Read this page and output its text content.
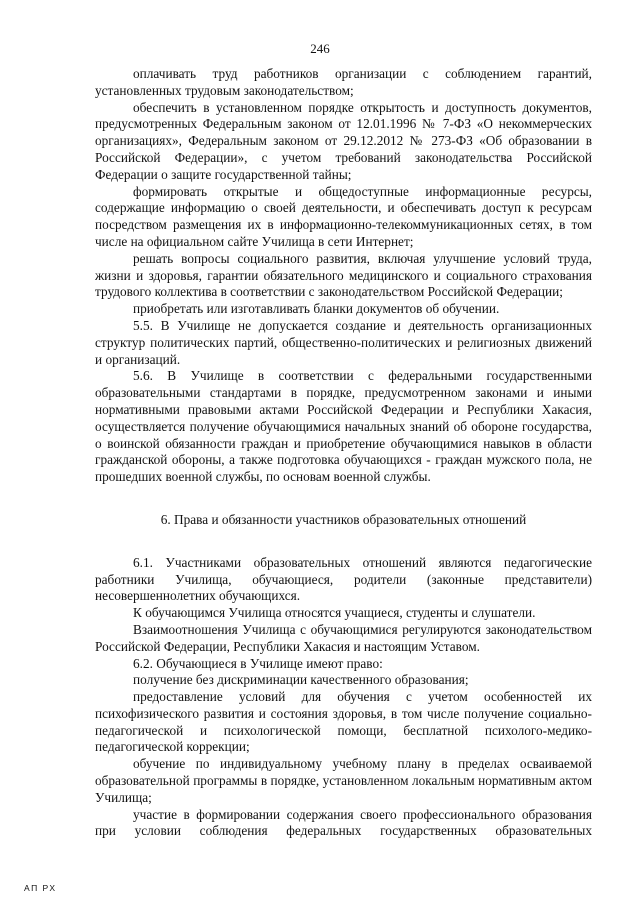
246

оплачивать труд работников организации с соблюдением гарантий, установленных трудовым законодательством;

обеспечить в установленном порядке открытость и доступность документов, предусмотренных Федеральным законом от 12.01.1996 № 7-ФЗ «О некоммерческих организациях», Федеральным законом от 29.12.2012 № 273-ФЗ «Об образовании в Российской Федерации», с учетом требований законодательства Российской Федерации о защите государственной тайны;

формировать открытые и общедоступные информационные ресурсы, содержащие информацию о своей деятельности, и обеспечивать доступ к ресурсам посредством размещения их в информационно-телекоммуникационных сетях, в том числе на официальном сайте Училища в сети Интернет;

решать вопросы социального развития, включая улучшение условий труда, жизни и здоровья, гарантии обязательного медицинского и социального страхования трудового коллектива в соответствии с законодательством Российской Федерации;

приобретать или изготавливать бланки документов об обучении.

5.5. В Училище не допускается создание и деятельность организационных структур политических партий, общественно-политических и религиозных движений и организаций.

5.6. В Училище в соответствии с федеральными государственными образовательными стандартами в порядке, предусмотренном законами и иными нормативными правовыми актами Российской Федерации и Республики Хакасия, осуществляется получение обучающимися начальных знаний об обороне государства, о воинской обязанности граждан и приобретение обучающимися навыков в области гражданской обороны, а также подготовка обучающихся - граждан мужского пола, не прошедших военной службы, по основам военной службы.

6. Права и обязанности участников образовательных отношений

6.1. Участниками образовательных отношений являются педагогические работники Училища, обучающиеся, родители (законные представители) несовершеннолетних обучающихся.

К обучающимся Училища относятся учащиеся, студенты и слушатели.

Взаимоотношения Училища с обучающимися регулируются законодательством Российской Федерации, Республики Хакасия и настоящим Уставом.

6.2. Обучающиеся в Училище имеют право:

получение без дискриминации качественного образования;

предоставление условий для обучения с учетом особенностей их психофизического развития и состояния здоровья, в том числе получение социально-педагогической и психологической помощи, бесплатной психолого-медико-педагогической коррекции;

обучение по индивидуальному учебному плану в пределах осваиваемой образовательной программы в порядке, установленном локальным нормативным актом Училища;

участие в формировании содержания своего профессионального образования при условии соблюдения федеральных государственных образовательных

АП РХ
